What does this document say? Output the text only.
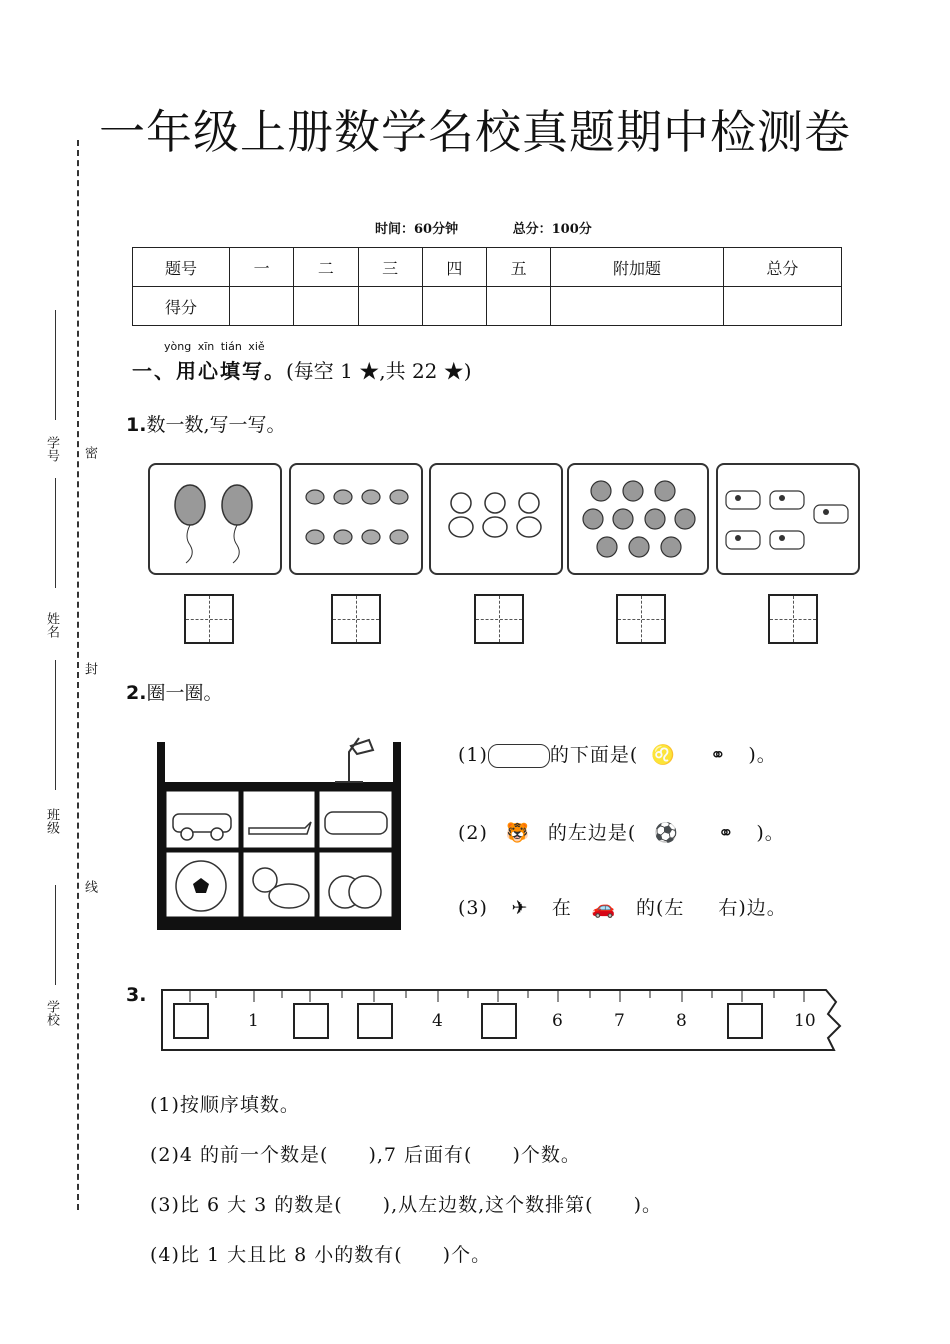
密
封
线
学号
姓名
班级
学校
一年级上册数学名校真题期中检测卷
时间：60分钟	总分：100分
题号	一	二	三	四	五	附加题	总分
得分							
yòng xīn tián xiě
一、用心填写。(每空 1 ★,共 22 ★)
1.数一数,写一写。
2.圈一圈。
(1)	的下面是( ♌ ⚭ )。
(2) 🐯 的左边是( ⚽ ⚭ )。
(3) ✈ 在 🚗 的(左 右)边。
3.
1	4	6	7	8	10
(1)按顺序填数。
(2)4 的前一个数是(　　),7 后面有(　　)个数。
(3)比 6 大 3 的数是(　　),从左边数,这个数排第(　　)。
(4)比 1 大且比 8 小的数有(　　)个。
